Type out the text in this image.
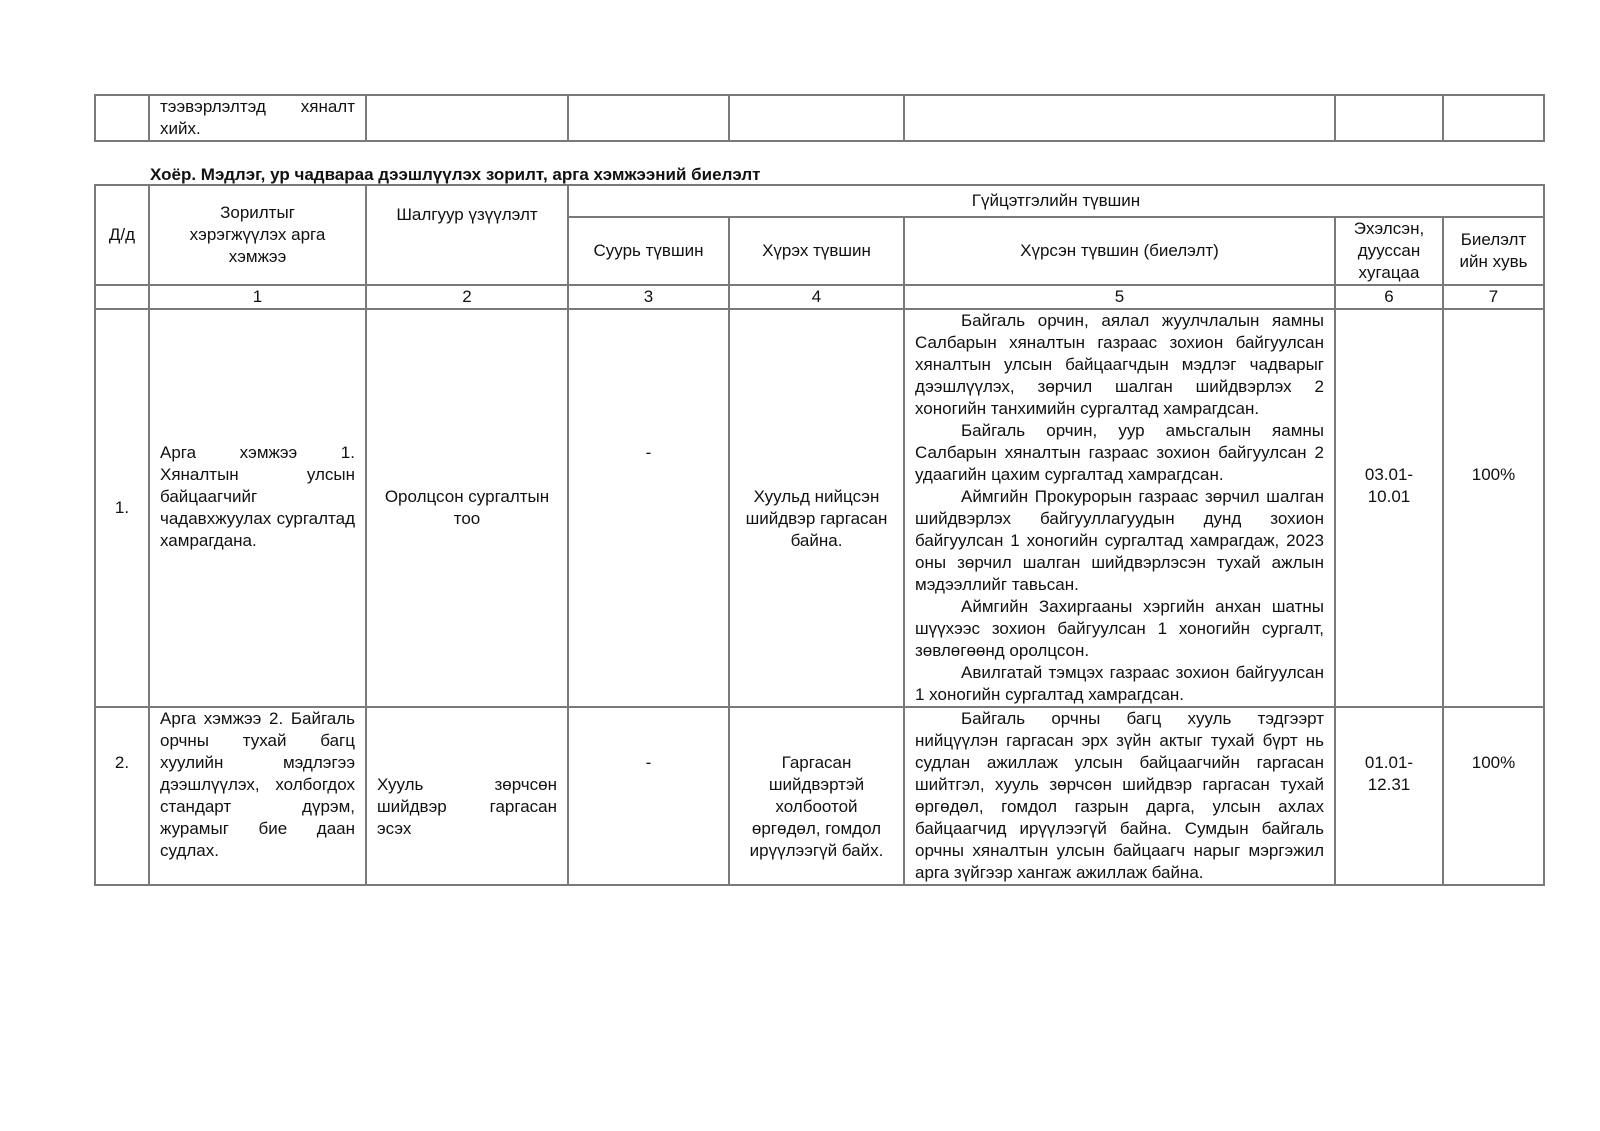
	тээвэрлэлтэд хяналт хийх.						
Хоёр. Мэдлэг, ур чадвараа дээшлүүлэх зорилт, арга хэмжээний биелэлт
Д/д	Зорилтыг хэрэгжүүлэх арга хэмжээ	Шалгуур үзүүлэлт	Гүйцэтгэлийн түвшин				
			Суурь түвшин	Хүрэх түвшин	Хүрсэн түвшин (биелэлт)	Эхэлсэн, дууссан хугацаа	Биелэлт ийн хувь
	1	2	3	4	5	6	7
1.	Арга хэмжээ 1. Хяналтын улсын байцаагчийг чадавхжуулах сургалтад хамрагдана.	Оролцсон сургалтын тоо	-	Хуульд нийцсэн шийдвэр гаргасан байна.	Байгаль орчин, аялал жуулчлалын яамны Салбарын хяналтын газраас зохион байгуулсан хяналтын улсын байцаагчдын мэдлэг чадварыг дээшлүүлэх, зөрчил шалган шийдвэрлэх 2 хоногийн танхимийн сургалтад хамрагдсан.
Байгаль орчин, уур амьсгалын яамны Салбарын хяналтын газраас зохион байгуулсан 2 удаагийн цахим сургалтад хамрагдсан.
Аймгийн Прокурорын газраас зөрчил шалган шийдвэрлэх байгууллагуудын дунд зохион байгуулсан 1 хоногийн сургалтад хамрагдаж, 2023 оны зөрчил шалган шийдвэрлэсэн тухай ажлын мэдээллийг тавьсан.
Аймгийн Захиргааны хэргийн анхан шатны шүүхээс зохион байгуулсан 1 хоногийн сургалт, зөвлөгөөнд оролцсон.
Авилгатай тэмцэх газраас зохион байгуулсан 1 хоногийн сургалтад хамрагдсан.	03.01-10.01	100%
2.	Арга хэмжээ 2. Байгаль орчны тухай багц хуулийн мэдлэгээ дээшлүүлэх, холбогдох стандарт дүрэм, журамыг бие даан судлах.	Хууль зөрчсөн шийдвэр гаргасан эсэх	-	Гаргасан шийдвэртэй холбоотой өргөдөл, гомдол ирүүлээгүй байх.	Байгаль орчны багц хууль тэдгээрт нийцүүлэн гаргасан эрх зүйн актыг тухай бүрт нь судлан ажиллаж улсын байцаагчийн гаргасан шийтгэл, хууль зөрчсөн шийдвэр гаргасан тухай өргөдөл, гомдол газрын дарга, улсын ахлах байцаагчид ирүүлээгүй байна. Сумдын байгаль орчны хяналтын улсын байцаагч нарыг мэргэжил арга зүйгээр хангаж ажиллаж байна.	01.01-12.31	100%
